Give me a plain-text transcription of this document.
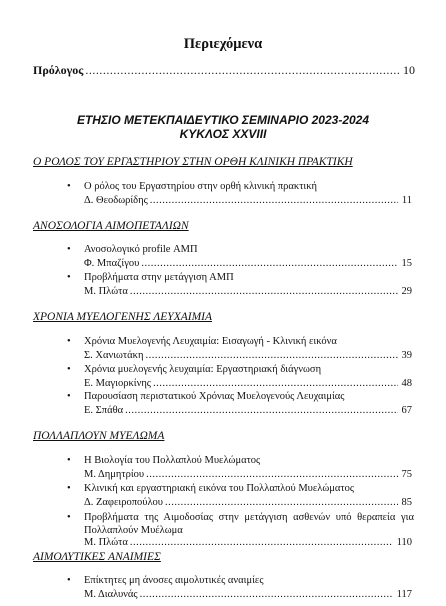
Περιεχόμενα
Πρόλογος .....	10
ΕΤΗΣΙΟ ΜΕΤΕΚΠΑΙΔΕΥΤΙΚΟ ΣΕΜΙΝΑΡΙΟ 2023-2024
ΚΥΚΛΟΣ XXVIII
Ο ΡΟΛΟΣ ΤΟΥ ΕΡΓΑΣΤΗΡΙΟΥ ΣΤΗΝ ΟΡΘΗ ΚΛΙΝΙΚΗ ΠΡΑΚΤΙΚΗ
• Ο ρόλος του Εργαστηρίου στην ορθή κλινική πρακτική
Δ. Θεοδωρίδης .....	11
ΑΝΟΣΟΛΟΓΙΑ ΑΙΜΟΠΕΤΑΛΙΩΝ
• Ανοσολογικό profile ΑΜΠ
Φ. Μπαζίγου .....	15
• Προβλήματα στην μετάγγιση ΑΜΠ
Μ. Πλώτα .....	29
ΧΡΟΝΙΑ ΜΥΕΛΟΓΕΝΗΣ ΛΕΥΧΑΙΜΙΑ
• Χρόνια Μυελογενής Λευχαιμία: Εισαγωγή - Κλινική εικόνα
Σ. Χανιωτάκη .....	39
• Χρόνια μυελογενής λευχαιμία: Εργαστηριακή διάγνωση
Ε. Μαγιορκίνης .....	48
• Παρουσίαση περιστατικού Χρόνιας Μυελογενούς Λευχαιμίας
Ε. Σπάθα .....	67
ΠΟΛΛΑΠΛΟΥΝ ΜΥΕΛΩΜΑ
• Η Βιολογία του Πολλαπλού Μυελώματος
Μ. Δημητρίου .....	75
• Κλινική και εργαστηριακή εικόνα του Πολλαπλού Μυελώματος
Δ. Ζαφειροπούλου .....	85
• Προβλήματα της Αιμοδοσίας στην μετάγγιση ασθενών υπό θεραπεία για Πολλαπλούν Μυέλωμα
Μ. Πλώτα .....	110
ΑΙΜΟΛΥΤΙΚΕΣ ΑΝΑΙΜΙΕΣ
• Επίκτητες μη άνοσες αιμολυτικές αναιμίες
Μ. Διαλυνάς .....	117
